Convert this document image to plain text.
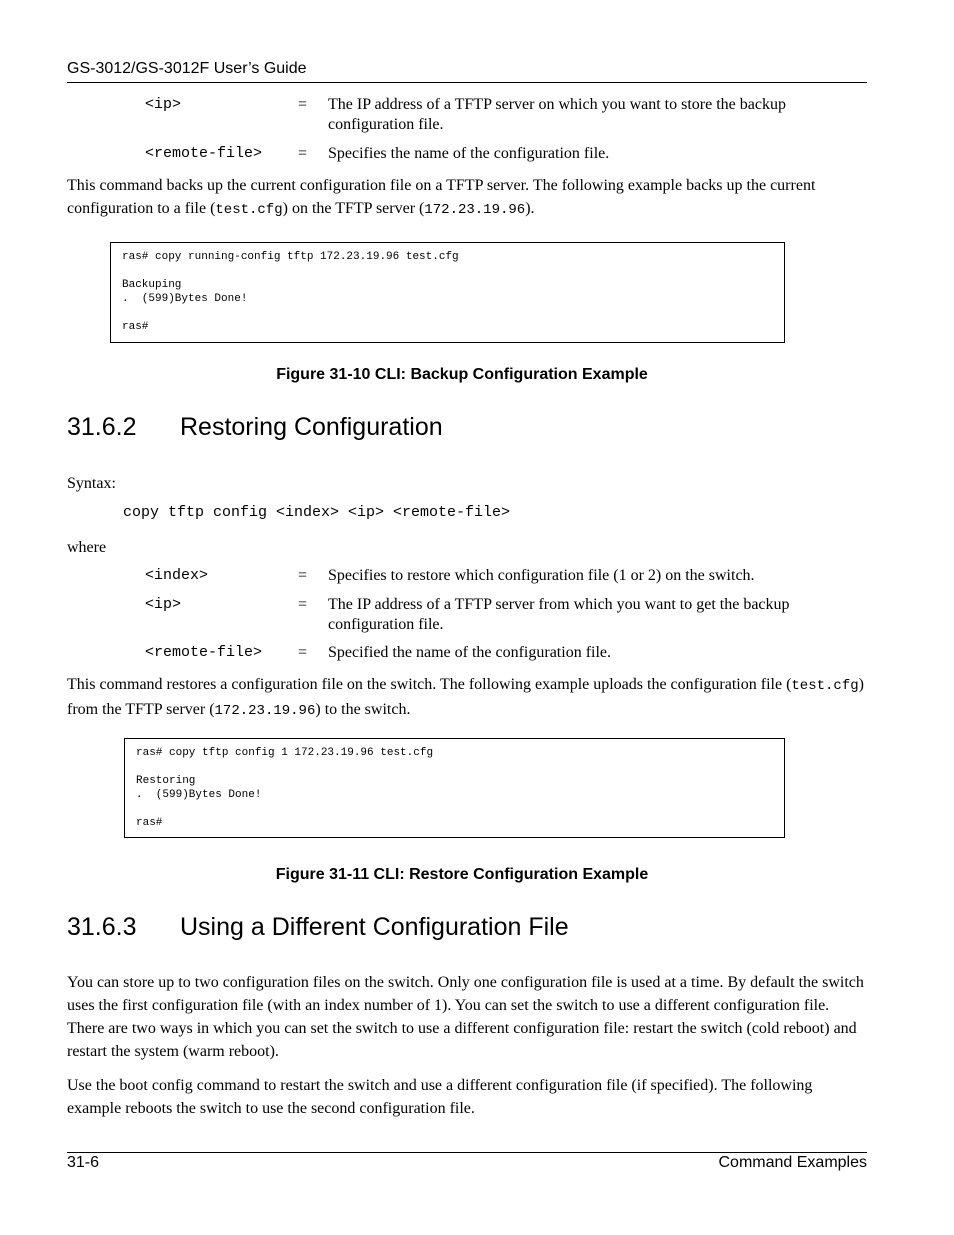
GS-3012/GS-3012F User’s Guide
<ip>	= The IP address of a TFTP server on which you want to store the backup configuration file.
<remote-file> = Specifies the name of the configuration file.
This command backs up the current configuration file on a TFTP server. The following example backs up the current configuration to a file (test.cfg) on the TFTP server (172.23.19.96).
ras# copy running-config tftp 172.23.19.96 test.cfg

Backuping
.  (599)Bytes Done!

ras#
Figure 31-10 CLI: Backup Configuration Example
31.6.2 Restoring Configuration
Syntax:
copy tftp config <index> <ip> <remote-file>
where
<index>	= Specifies to restore which configuration file (1 or 2) on the switch.
<ip>	= The IP address of a TFTP server from which you want to get the backup configuration file.
<remote-file> = Specified the name of the configuration file.
This command restores a configuration file on the switch. The following example uploads the configuration file (test.cfg) from the TFTP server (172.23.19.96) to the switch.
ras# copy tftp config 1 172.23.19.96 test.cfg

Restoring
.  (599)Bytes Done!

ras#
Figure 31-11 CLI: Restore Configuration Example
31.6.3 Using a Different Configuration File
You can store up to two configuration files on the switch. Only one configuration file is used at a time. By default the switch uses the first configuration file (with an index number of 1). You can set the switch to use a different configuration file. There are two ways in which you can set the switch to use a different configuration file: restart the switch (cold reboot) and restart the system (warm reboot).
Use the boot config command to restart the switch and use a different configuration file (if specified). The following example reboots the switch to use the second configuration file.
31-6	Command Examples
